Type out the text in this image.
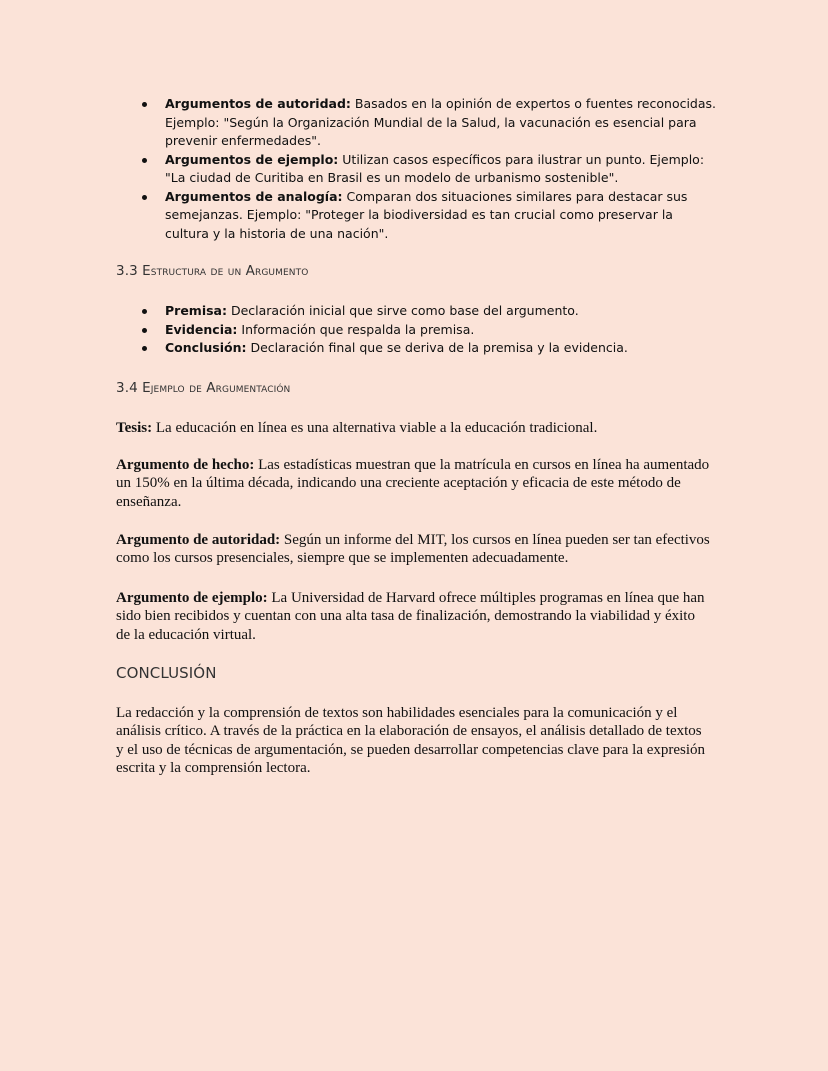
Argumentos de autoridad: Basados en la opinión de expertos o fuentes reconocidas. Ejemplo: "Según la Organización Mundial de la Salud, la vacunación es esencial para prevenir enfermedades".
Argumentos de ejemplo: Utilizan casos específicos para ilustrar un punto. Ejemplo: "La ciudad de Curitiba en Brasil es un modelo de urbanismo sostenible".
Argumentos de analogía: Comparan dos situaciones similares para destacar sus semejanzas. Ejemplo: "Proteger la biodiversidad es tan crucial como preservar la cultura y la historia de una nación".
3.3 Estructura de un Argumento
Premisa: Declaración inicial que sirve como base del argumento.
Evidencia: Información que respalda la premisa.
Conclusión: Declaración final que se deriva de la premisa y la evidencia.
3.4 Ejemplo de Argumentación

Tesis: La educación en línea es una alternativa viable a la educación tradicional.

Argumento de hecho: Las estadísticas muestran que la matrícula en cursos en línea ha aumentado un 150% en la última década, indicando una creciente aceptación y eficacia de este método de enseñanza.

Argumento de autoridad: Según un informe del MIT, los cursos en línea pueden ser tan efectivos como los cursos presenciales, siempre que se implementen adecuadamente.

Argumento de ejemplo: La Universidad de Harvard ofrece múltiples programas en línea que han sido bien recibidos y cuentan con una alta tasa de finalización, demostrando la viabilidad y éxito de la educación virtual.

CONCLUSIÓN

La redacción y la comprensión de textos son habilidades esenciales para la comunicación y el análisis crítico. A través de la práctica en la elaboración de ensayos, el análisis detallado de textos y el uso de técnicas de argumentación, se pueden desarrollar competencias clave para la expresión escrita y la comprensión lectora.
